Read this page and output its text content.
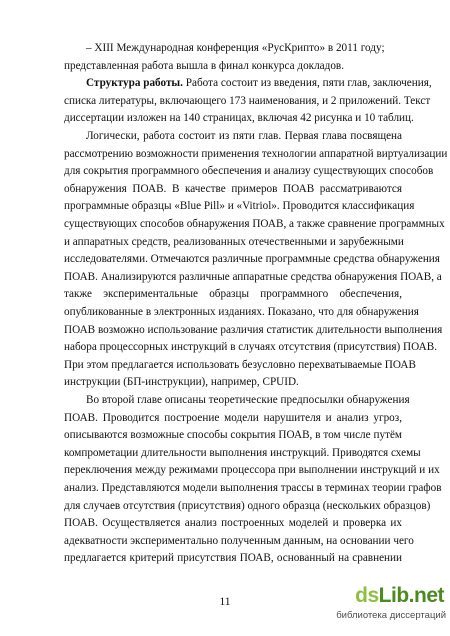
– XIII Международная конференция «РусКрипто» в 2011 году;
представленная работа вышла в финал конкурса докладов.
Структура работы. Работа состоит из введения, пяти глав, заключения,
списка литературы, включающего 173 наименования, и 2 приложений. Текст
диссертации изложен на 140 страницах, включая 42 рисунка и 10 таблиц.
Логически, работа состоит из пяти глав. Первая глава посвящена
рассмотрению возможности применения технологии аппаратной виртуализации
для сокрытия программного обеспечения и анализу существующих способов
обнаружения ПОАВ. В качестве примеров ПОАВ рассматриваются
программные образцы «Blue Pill» и «Vitriol». Проводится классификация
существующих способов обнаружения ПОАВ, а также сравнение программных
и аппаратных средств, реализованных отечественными и зарубежными
исследователями. Отмечаются различные программные средства обнаружения
ПОАВ. Анализируются различные аппаратные средства обнаружения ПОАВ, а
также экспериментальные образцы программного обеспечения,
опубликованные в электронных изданиях. Показано, что для обнаружения
ПОАВ возможно использование различия статистик длительности выполнения
набора процессорных инструкций в случаях отсутствия (присутствия) ПОАВ.
При этом предлагается использовать безусловно перехватываемые ПОАВ
инструкции (БП-инструкции), например, CPUID.
Во второй главе описаны теоретические предпосылки обнаружения
ПОАВ. Проводится построение модели нарушителя и анализ угроз,
описываются возможные способы сокрытия ПОАВ, в том числе путём
компрометации длительности выполнения инструкций. Приводятся схемы
переключения между режимами процессора при выполнении инструкций и их
анализ. Представляются модели выполнения трассы в терминах теории графов
ПОАВ. Осуществляется анализ построенных моделей и проверка их
адекватности экспериментально полученным данным, на основании чего
предлагается критерий присутствия ПОАВ, основанный на сравнении
для случаев отсутствия (присутствия) одного образца (нескольких образцов)
11	dsLib.net
библиотека диссертаций
